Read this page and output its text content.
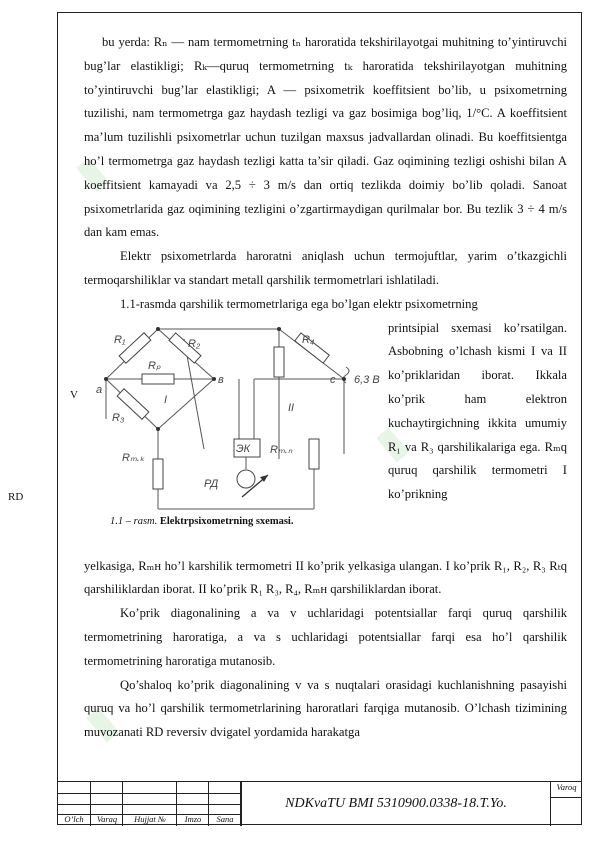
▮
▮
▮
RD
V

bu yerda: Rₙ — nam termometrning tₙ haroratida tekshirilayotgai muhitning to’yintiruvchi bug’lar elastikligi; Rₖ—quruq termometrning tₖ haroratida tekshirilayotgan muhitning to’yintiruvchi bug’lar elastikligi; A — psixometrik koeffitsient bo’lib, u psixometrning tuzilishi, nam termometrga gaz haydash tezligi va gaz bosimiga bog’liq, 1/°C. A koeffitsient ma’lum tuzilishli psixometrlar uchun tuzilgan maxsus jadvallardan olinadi. Bu koeffitsientga ho’l termometrga gaz haydash tezligi katta ta’sir qiladi. Gaz oqimining tezligi oshishi bilan A koeffitsient kamayadi va 2,5 ÷ 3 m/s dan ortiq tezlikda doimiy bo’lib qoladi. Sanoat psixometrlarida gaz oqimining tezligini o’zgartirmaydigan qurilmalar bor. Bu tezlik 3 ÷ 4 m/s dan kam emas.

Elektr psixometrlarda haroratni aniqlash uchun termojuftlar, yarim o’tkazgichli termoqarshiliklar va standart metall qarshilik termometrlari ishlatiladi.

1.1-rasmda qarshilik termometrlariga ega bo’lgan elektr psixometrning

R₁	R₂
Rₚ
R₄
R₃
Rₘ.ₖ
ЭК Rₘ.ₙ
РД
a
в	c
I
II
6,3 В
1.1 – rasm. Elektrpsixometrning sxemasi.

printsipial sxemasi ko’rsatilgan. Asbobning o’lchash kismi I va II ko’priklaridan iborat. Ikkala ko’prik ham elektron kuchaytirgichning ikkita umumiy R₁ va R₃ qarshilikalariga ega. Rₘq quruq qarshilik termometri I ko’prikning

yelkasiga, Rₘн ho’l karshilik termometri II ko’prik yelkasiga ulangan. I ko’prik R₁, R₂, R₃ Rₜq qarshiliklardan iborat. II ko’prik R₁ R₃, R₄, Rₘн qarshiliklardan iborat.

Ko’prik diagonalining a va v uchlaridagi potentsiallar farqi quruq qarshilik termometrining haroratiga, a va s uchlaridagi potentsiallar farqi esa ho’l qarshilik termometrining haroratiga mutanosib.

Qo’shaloq ko’prik diagonalining v va s nuqtalari orasidagi kuchlanishning pasayishi quruq va ho’l qarshilik termometrlarining haroratlari farqiga mutanosib. O’lchash tizimining muvozanati RD reversiv dvigatel yordamida harakatga

O’lch	Varaq	Hujjat №	Imzo	Sana
NDKvaTU BMI 5310900.0338-18.T.Yo.
Varoq
